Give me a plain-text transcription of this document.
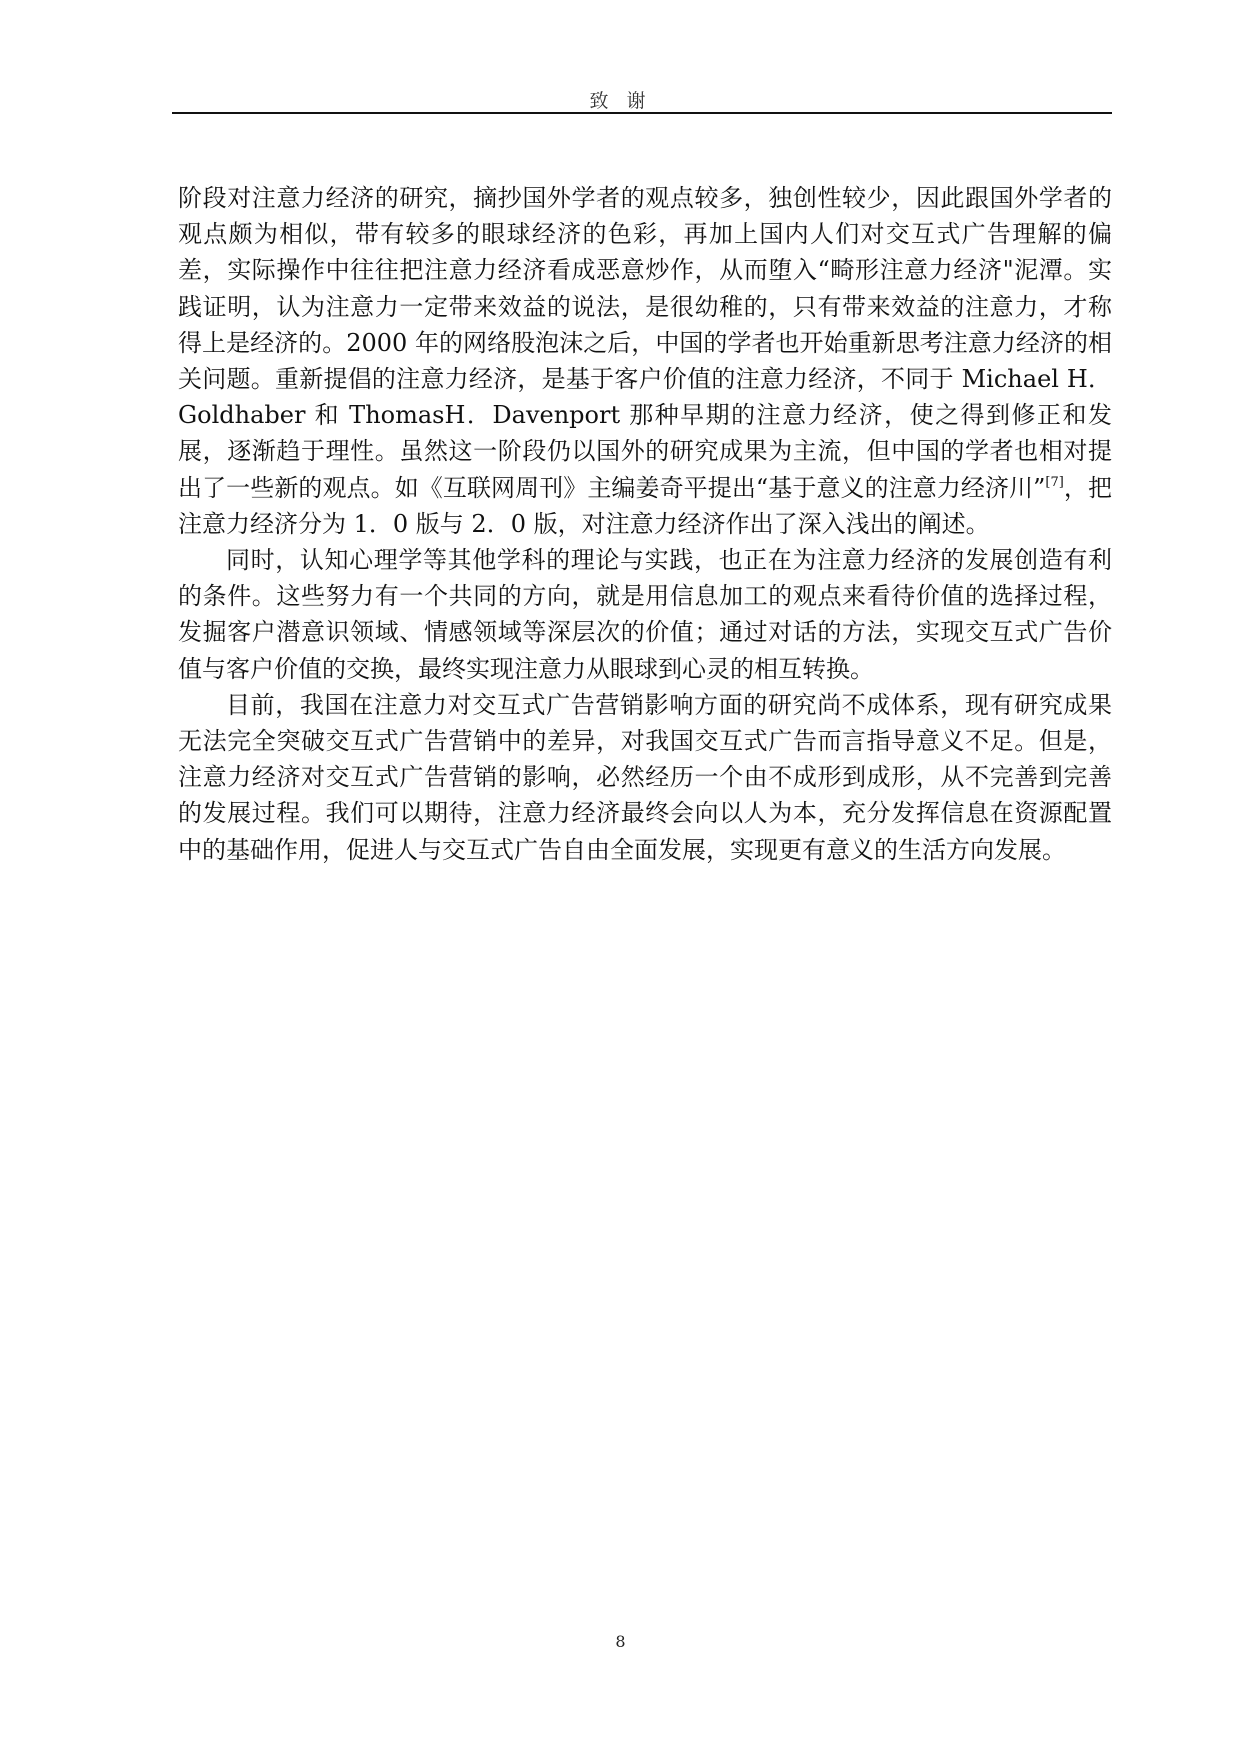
致 谢

阶段对注意力经济的研究，摘抄国外学者的观点较多，独创性较少，因此跟国外学者的观点颇为相似，带有较多的眼球经济的色彩，再加上国内人们对交互式广告理解的偏差，实际操作中往往把注意力经济看成恶意炒作，从而堕入“畸形注意力经济"泥潭。实践证明，认为注意力一定带来效益的说法，是很幼稚的，只有带来效益的注意力，才称得上是经济的。2000 年的网络股泡沫之后，中国的学者也开始重新思考注意力经济的相关问题。重新提倡的注意力经济，是基于客户价值的注意力经济，不同于 Michael H．Goldhaber 和 ThomasH．Davenport 那种早期的注意力经济，使之得到修正和发展，逐渐趋于理性。虽然这一阶段仍以国外的研究成果为主流，但中国的学者也相对提出了一些新的观点。如《互联网周刊》主编姜奇平提出“基于意义的注意力经济川”[7]，把注意力经济分为 1．0 版与 2．0 版，对注意力经济作出了深入浅出的阐述。

同时，认知心理学等其他学科的理论与实践，也正在为注意力经济的发展创造有利的条件。这些努力有一个共同的方向，就是用信息加工的观点来看待价值的选择过程，发掘客户潜意识领域、情感领域等深层次的价值；通过对话的方法，实现交互式广告价值与客户价值的交换，最终实现注意力从眼球到心灵的相互转换。

目前，我国在注意力对交互式广告营销影响方面的研究尚不成体系，现有研究成果无法完全突破交互式广告营销中的差异，对我国交互式广告而言指导意义不足。但是，注意力经济对交互式广告营销的影响，必然经历一个由不成形到成形，从不完善到完善的发展过程。我们可以期待，注意力经济最终会向以人为本，充分发挥信息在资源配置中的基础作用，促进人与交互式广告自由全面发展，实现更有意义的生活方向发展。

8
